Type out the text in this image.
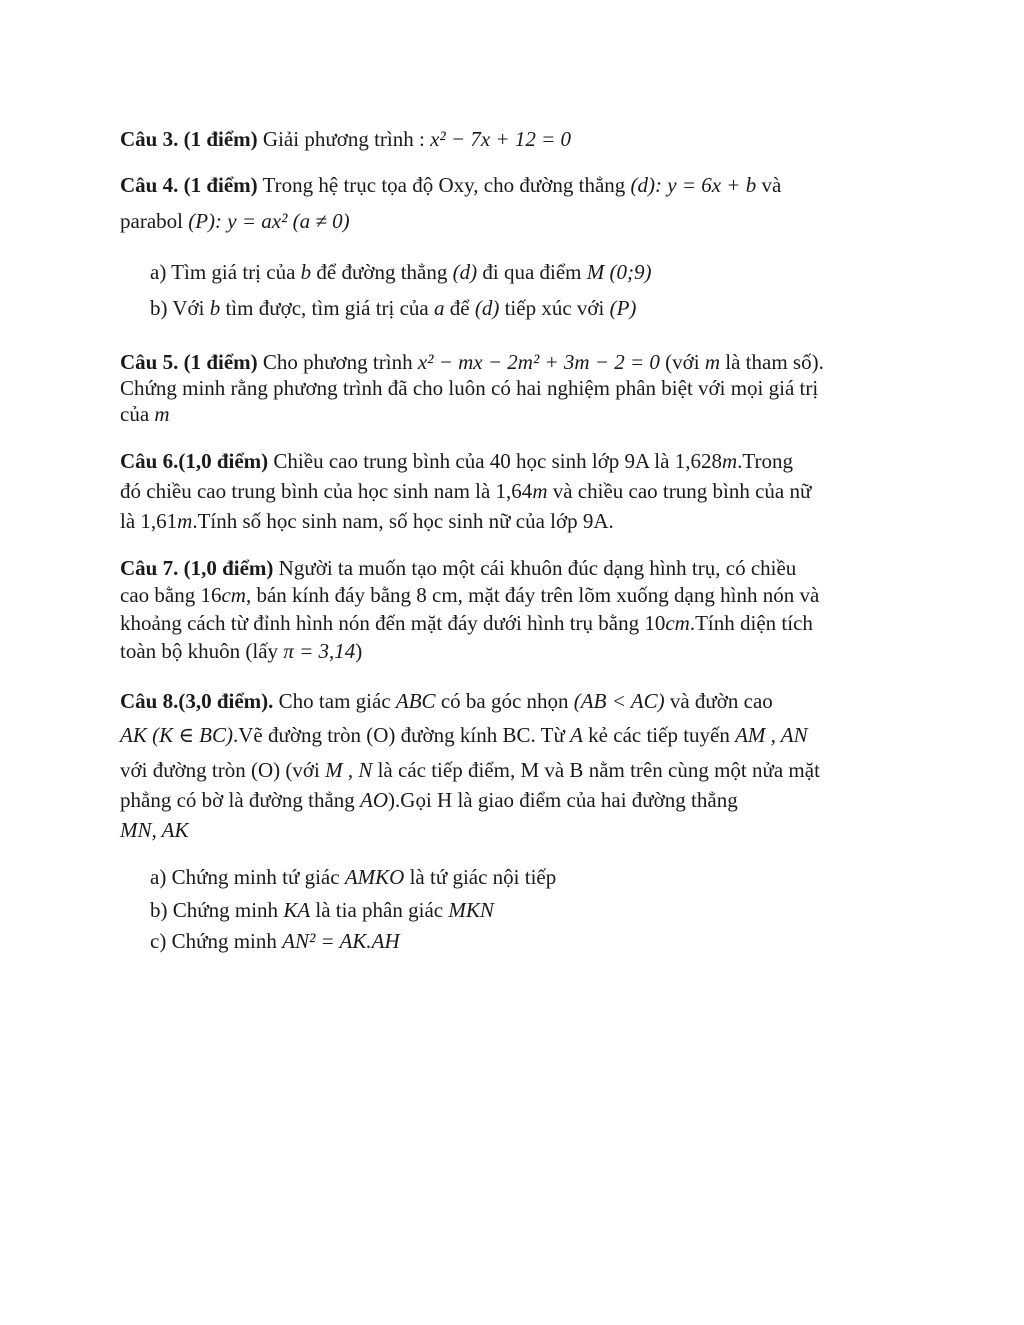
Câu 3. (1 điểm) Giải phương trình : x² − 7x + 12 = 0
Câu 4. (1 điểm) Trong hệ trục tọa độ Oxy, cho đường thẳng (d): y = 6x + b và
parabol (P): y = ax² (a ≠ 0)
a) Tìm giá trị của b để đường thẳng (d) đi qua điểm M (0;9)
b) Với b tìm được, tìm giá trị của a để (d) tiếp xúc với (P)
Câu 5. (1 điểm) Cho phương trình x² − mx − 2m² + 3m − 2 = 0 (với m là tham số).
Chứng minh rằng phương trình đã cho luôn có hai nghiệm phân biệt với mọi giá trị
của m
Câu 6.(1,0 điểm) Chiều cao trung bình của 40 học sinh lớp 9A là 1,628m.Trong
đó chiều cao trung bình của học sinh nam là 1,64m và chiều cao trung bình của nữ
là 1,61m.Tính số học sinh nam, số học sinh nữ của lớp 9A.
Câu 7. (1,0 điểm) Người ta muốn tạo một cái khuôn đúc dạng hình trụ, có chiều
cao bằng 16cm, bán kính đáy bằng 8 cm, mặt đáy trên lõm xuống dạng hình nón và
khoảng cách từ đỉnh hình nón đến mặt đáy dưới hình trụ bằng 10cm.Tính diện tích
toàn bộ khuôn (lấy π = 3,14)
Câu 8.(3,0 điểm). Cho tam giác ABC có ba góc nhọn (AB < AC) và đườn cao
AK (K ∈ BC).Vẽ đường tròn (O) đường kính BC. Từ A kẻ các tiếp tuyến AM , AN
với đường tròn (O) (với M , N là các tiếp điểm, M và B nằm trên cùng một nửa mặt
phẳng có bờ là đường thẳng AO).Gọi H là giao điểm của hai đường thẳng
MN, AK
a) Chứng minh tứ giác AMKO là tứ giác nội tiếp
b) Chứng minh KA là tia phân giác MKN
c) Chứng minh AN² = AK.AH
